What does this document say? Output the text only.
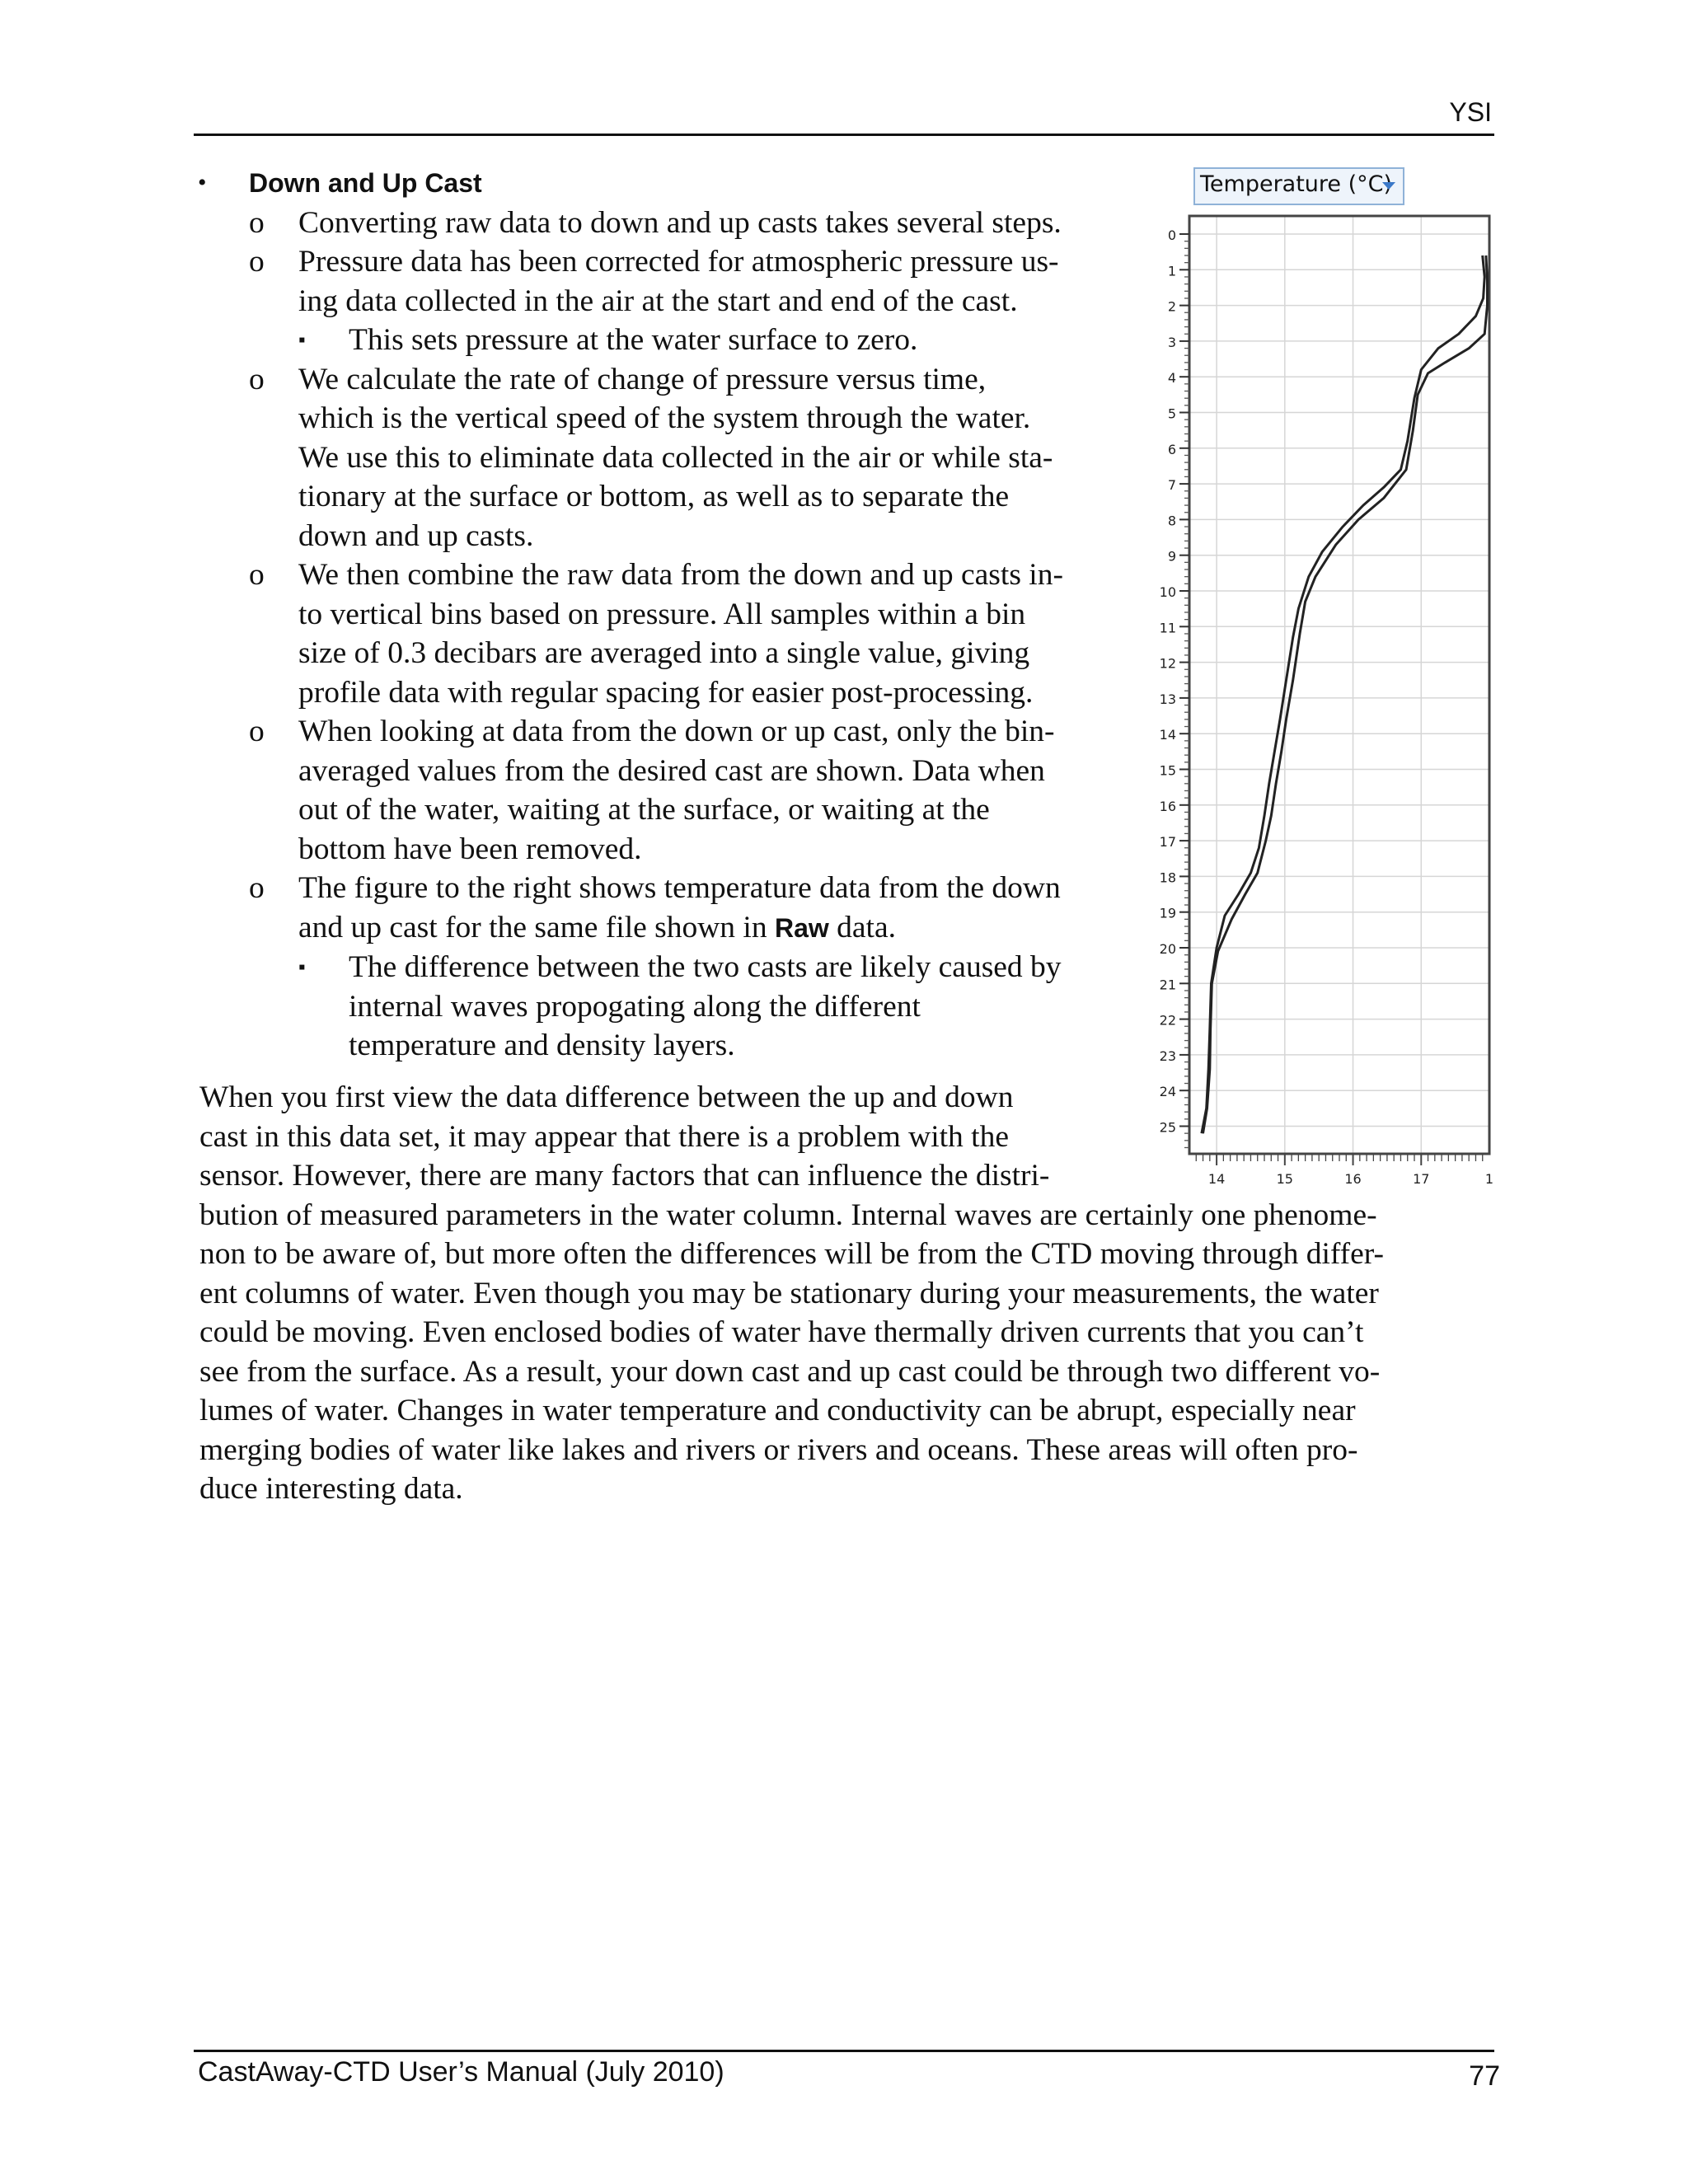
YSI
• Down and Up Cast
o Converting raw data to down and up casts takes several steps.
o Pressure data has been corrected for atmospheric pressure us-
ing data collected in the air at the start and end of the cast.
▪ This sets pressure at the water surface to zero.
o We calculate the rate of change of pressure versus time,
which is the vertical speed of the system through the water.
We use this to eliminate data collected in the air or while sta-
tionary at the surface or bottom, as well as to separate the
down and up casts.
o We then combine the raw data from the down and up casts in-
to vertical bins based on pressure. All samples within a bin
size of 0.3 decibars are averaged into a single value, giving
profile data with regular spacing for easier post-processing.
o When looking at data from the down or up cast, only the bin-
averaged values from the desired cast are shown. Data when
out of the water, waiting at the surface, or waiting at the
bottom have been removed.
o The figure to the right shows temperature data from the down
and up cast for the same file shown in Raw data.
▪ The difference between the two casts are likely caused by
internal waves propogating along the different
temperature and density layers.
0
1
2
3
4
5
6
7
8
9
10
11
12
13
14
15
16
17
18
19
20
21
22
23
24
25
14	15	16	17	1
Temperature (°C)
When you first view the data difference between the up and down
cast in this data set, it may appear that there is a problem with the
sensor. However, there are many factors that can influence the distri-
bution of measured parameters in the water column. Internal waves are certainly one phenome-
non to be aware of, but more often the differences will be from the CTD moving through differ-
ent columns of water. Even though you may be stationary during your measurements, the water
could be moving. Even enclosed bodies of water have thermally driven currents that you can’t
see from the surface. As a result, your down cast and up cast could be through two different vo-
lumes of water. Changes in water temperature and conductivity can be abrupt, especially near
merging bodies of water like lakes and rivers or rivers and oceans. These areas will often pro-
duce interesting data.
CastAway-CTD User’s Manual (July 2010)	77
